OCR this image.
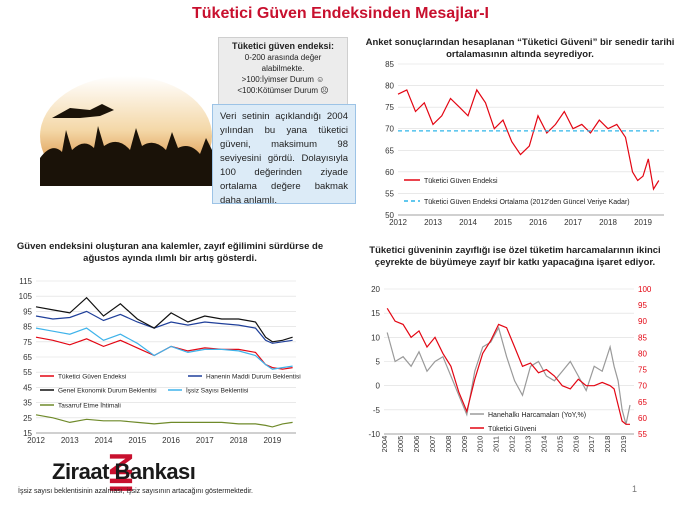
Tüketici Güven Endeksinden Mesajlar-I
Tüketici güven endeksi:
0-200 arasında değer
alabilmekte.
>100:İyimser Durum ☺
<100:Kötümser Durum ☹
Veri setinin açıklandığı 2004 yılından bu yana tüketici güveni, maksimum 98 seviyesini gördü. Dolayısıyla 100 değerinden ziyade ortalama değere bakmak daha anlamlı.
Anket sonuçlarından hesaplanan “Tüketici Güveni” bir senedir tarihi ortalamasının altında seyrediyor.
Güven endeksini oluşturan ana kalemler, zayıf eğilimini sürdürse de ağustos ayında ılımlı bir artış gösterdi.
Tüketici güveninin zayıflığı ise özel tüketim harcamalarının ikinci çeyrekte de büyümeye zayıf bir katkı yapacağına işaret ediyor.
50
55
60
65
70
75
80
85
2012 2013 2014 2015 2016 2017 2018 2019
Tüketici Güven Endeksi
Tüketici Güven Endeksi Ortalama (2012'den Güncel Veriye Kadar)
15
25
35
45
55
65
75
85
95
105
115
2012 2013 2014 2015 2016 2017 2018 2019
Tüketici Güven Endeksi	Hanenin Maddi Durum Beklentisi
Genel Ekonomik Durum Beklentisi	İşsiz Sayısı Beklentisi
Tasarruf Etme İhtimali
-10
-5
0
5
10
15
20
55
60
65
70
75
80
85
90
95
100
2004 2005 2006 2007 2008 2009 2010 2011 2012 2013 2014 2015 2016 2017 2018 2019
Hanehalkı Harcamaları (YoY,%)
Tüketici Güveni
Ziraat Bankası
İşsiz sayısı beklentisinin azalması, işsiz sayısının artacağını göstermektedir.	1
